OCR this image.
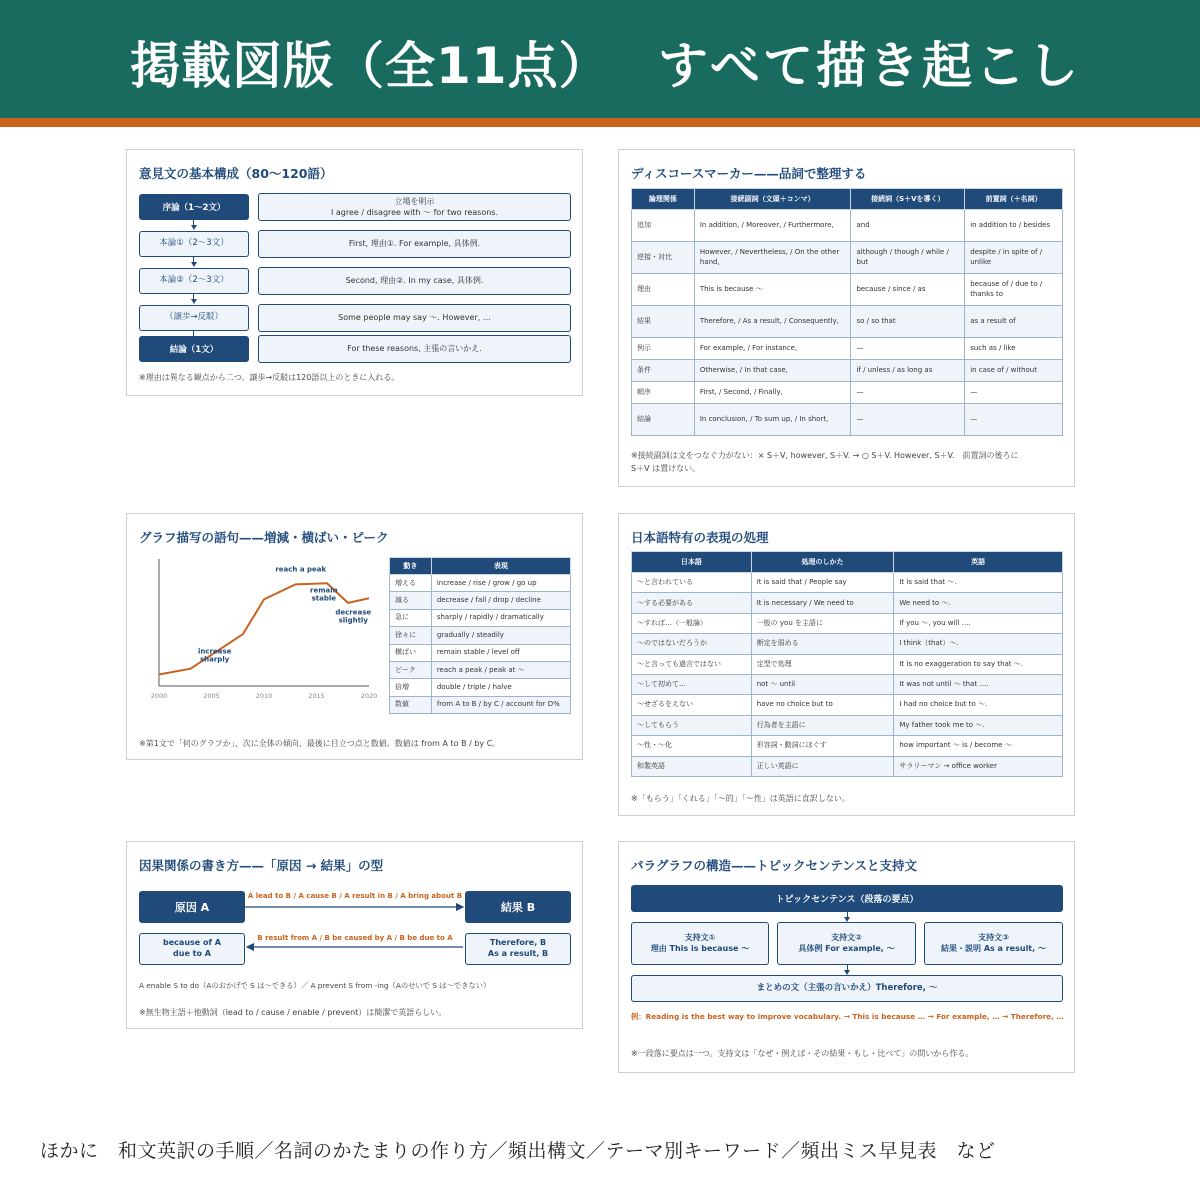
掲載図版（全11点） すべて描き起こし
意見文の基本構成（80〜120語）
序論（1〜2文）
立場を明示
I agree / disagree with 〜 for two reasons.
本論①（2〜3文）	First, 理由①. For example, 具体例.
本論②（2〜3文）	Second, 理由②. In my case, 具体例.
（譲歩→反駁）	Some people may say 〜. However, …
結論（1文）	For these reasons, 主張の言いかえ.
※理由は異なる観点から二つ。譲歩→反駁は120語以上のときに入れる。
ディスコースマーカー——品詞で整理する
論理関係	接続副詞（文頭＋コンマ）	接続詞（S＋Vを導く）	前置詞（＋名詞）
追加	In addition, / Moreover, / Furthermore,	and	in addition to / besides
逆接・対比	However, / Nevertheless, / On the other hand,	although / though / while / but	despite / in spite of / unlike
理由	This is because 〜	because / since / as	because of / due to / thanks to
結果	Therefore, / As a result, / Consequently,	so / so that	as a result of
例示	For example, / For instance,	—	such as / like
条件	Otherwise, / In that case,	if / unless / as long as	in case of / without
順序	First, / Second, / Finally,	—	—
結論	In conclusion, / To sum up, / In short,	—	—
※接続副詞は文をつなぐ力がない：× S＋V, however, S＋V. → ○ S＋V. However, S＋V.　前置詞の後ろに
S＋V は置けない。
グラフ描写の語句——増減・横ばい・ピーク
2000	2005	2010	2015	2020
increase sharply
reach a peak
remain stable
decrease slightly
動き	表現
増える	increase / rise / grow / go up
減る	decrease / fall / drop / decline
急に	sharply / rapidly / dramatically
徐々に	gradually / steadily
横ばい	remain stable / level off
ピーク	reach a peak / peak at 〜
倍増	double / triple / halve
数値	from A to B / by C / account for D%
※第1文で「何のグラフか」、次に全体の傾向、最後に目立つ点と数値。数値は from A to B / by C。
日本語特有の表現の処理
日本語	処理のしかた	英語
〜と言われている	It is said that / People say	It is said that 〜.
〜する必要がある	It is necessary / We need to	We need to 〜.
〜すれば…（一般論）	一般の you を主語に	If you 〜, you will ….
〜のではないだろうか	断定を弱める	I think（that）〜.
〜と言っても過言ではない	定型で処理	It is no exaggeration to say that 〜.
〜して初めて…	not 〜 until	It was not until 〜 that ….
〜せざるをえない	have no choice but to	I had no choice but to 〜.
〜してもらう	行為者を主語に	My father took me to 〜.
〜性・〜化	形容詞・動詞にほぐす	how important 〜 is / become 〜
和製英語	正しい英語に	サラリーマン → office worker
※「もらう」「くれる」「〜的」「〜性」は英語に直訳しない。
因果関係の書き方——「原因 → 結果」の型
原因 A	結果 B
A lead to B / A cause B / A result in B / A bring about B
B result from A / B be caused by A / B be due to A
because of A
due to A
Therefore, B
As a result, B
A enable S to do（Aのおかげで S は〜できる）／ A prevent S from -ing（Aのせいで S は〜できない）
※無生物主語＋他動詞（lead to / cause / enable / prevent）は簡潔で英語らしい。
パラグラフの構造——トピックセンテンスと支持文
トピックセンテンス（段落の要点）
支持文①
理由 This is because 〜
支持文②
具体例 For example, 〜
支持文③
結果・説明 As a result, 〜
まとめの文（主張の言いかえ）Therefore, 〜
例：Reading is the best way to improve vocabulary. → This is because … → For example, … → Therefore, …
※一段落に要点は一つ。支持文は「なぜ・例えば・その結果・もし・比べて」の問いから作る。
ほかに　和文英訳の手順／名詞のかたまりの作り方／頻出構文／テーマ別キーワード／頻出ミス早見表　など
